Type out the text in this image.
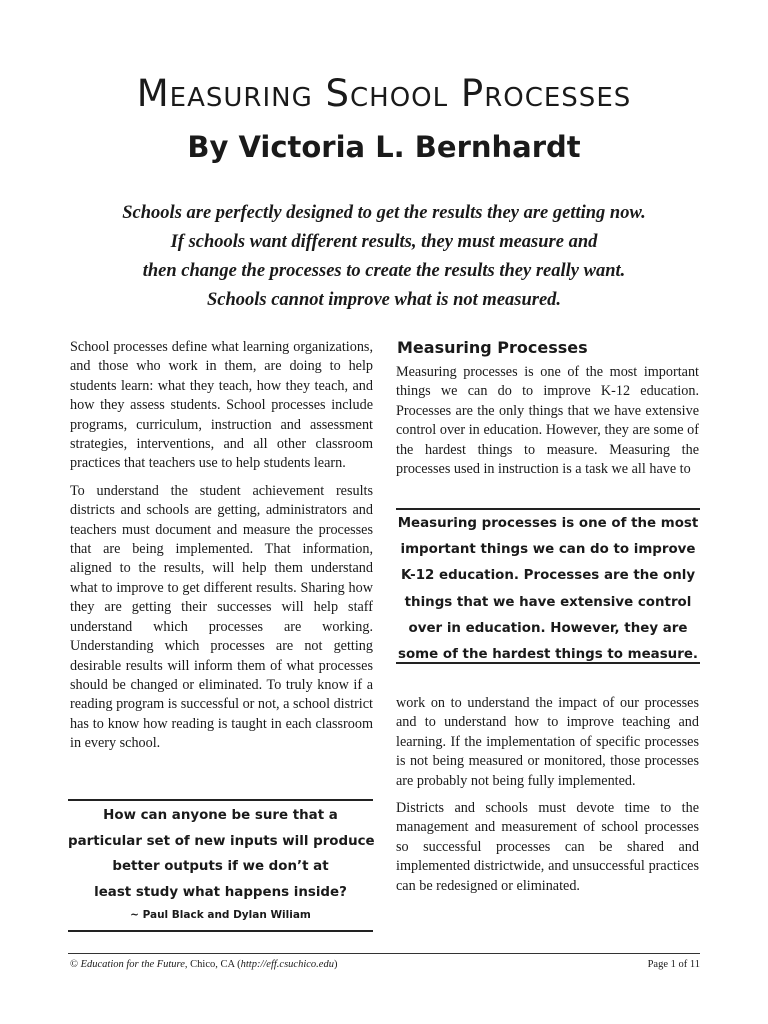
Measuring School Processes
By Victoria L. Bernhardt
Schools are perfectly designed to get the results they are getting now.
If schools want different results, they must measure and
then change the processes to create the results they really want.
Schools cannot improve what is not measured.

School processes define what learning organizations, and those who work in them, are doing to help students learn: what they teach, how they teach, and how they assess students. School processes include programs, curriculum, instruction and assessment strategies, interventions, and all other classroom practices that teachers use to help students learn.

To understand the student achievement results districts and schools are getting, administrators and teachers must document and measure the processes that are being implemented. That information, aligned to the results, will help them understand what to improve to get different results. Sharing how they are getting their successes will help staff understand which processes are working. Understanding which processes are not getting desirable results will inform them of what processes should be changed or eliminated. To truly know if a reading program is successful or not, a school district has to know how reading is taught in each classroom in every school.

How can anyone be sure that a
particular set of new inputs will produce
better outputs if we don’t at
least study what happens inside?
~ Paul Black and Dylan Wiliam
Measuring Processes

Measuring processes is one of the most important things we can do to improve K-12 education. Processes are the only things that we have extensive control over in education. However, they are some of the hardest things to measure. Measuring the processes used in instruction is a task we all have to

Measuring processes is one of the most
important things we can do to improve
K-12 education. Processes are the only
things that we have extensive control
over in education. However, they are
some of the hardest things to measure.

work on to understand the impact of our processes and to understand how to improve teaching and learning. If the implementation of specific processes is not being measured or monitored, those processes are probably not being fully implemented.

Districts and schools must devote time to the management and measurement of school processes so successful processes can be shared and implemented districtwide, and unsuccessful practices can be redesigned or eliminated.

© Education for the Future, Chico, CA (http://eff.csuchico.edu)	Page 1 of 11
